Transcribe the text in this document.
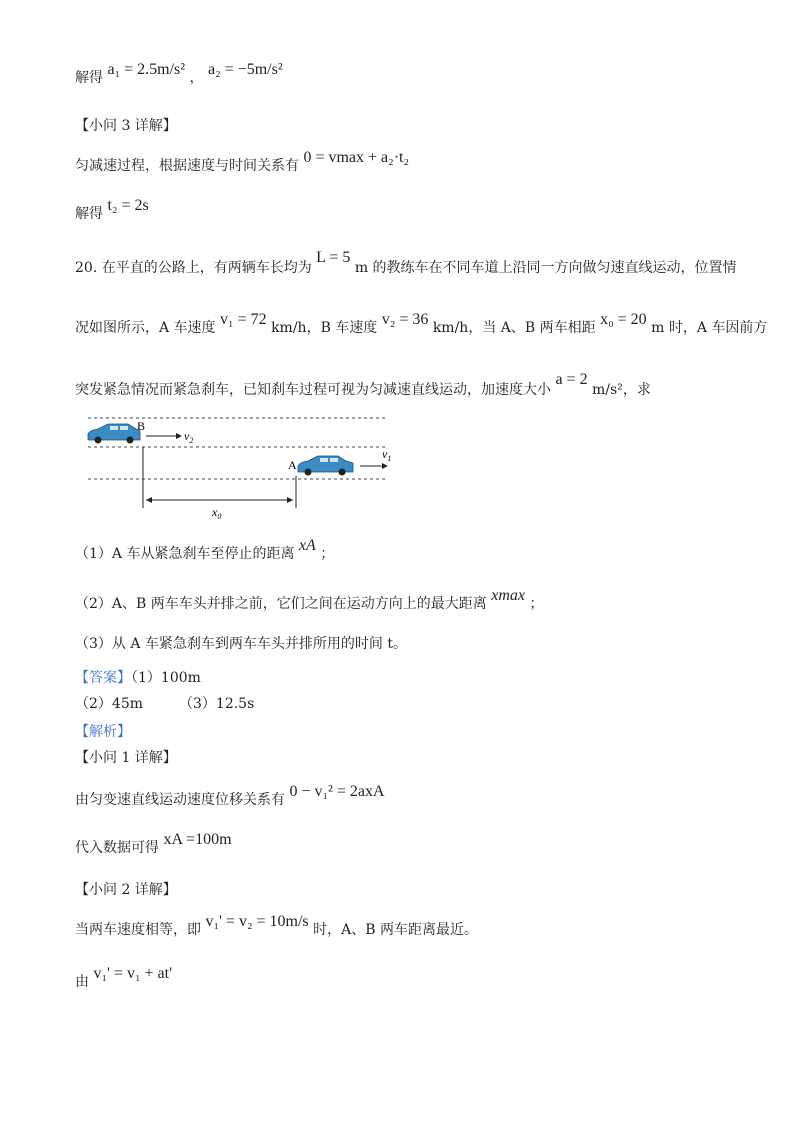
解得 a₁ = 2.5m/s² ， a₂ = −5m/s²
【小问 3 详解】
匀减速过程，根据速度与时间关系有 0 = vmax + a₂·t₂
解得 t₂ = 2s
20. 在平直的公路上，有两辆车长均为 L = 5 m 的教练车在不同车道上沿同一方向做匀速直线运动，位置情
况如图所示，A 车速度 v₁ = 72 km/h，B 车速度 v₂ = 36 km/h，当 A、B 两车相距 x₀ = 20 m 时，A 车因前方
突发紧急情况而紧急刹车，已知刹车过程可视为匀减速直线运动，加速度大小 a = 2 m/s²，求
B
$v_2$
A
$v_1$
$x_0$
（1）A 车从紧急刹车至停止的距离 xA ；
（2）A、B 两车车头并排之前，它们之间在运动方向上的最大距离 xmax ；
（3）从 A 车紧急刹车到两车车头并排所用的时间 t。
【答案】（1）100m
（2）45m	（3）12.5s
【解析】
【小问 1 详解】
由匀变速直线运动速度位移关系有 0 − v₁² = 2axA
代入数据可得 xA =100m
【小问 2 详解】
当两车速度相等，即 v₁' = v₂ = 10m/s 时，A、B 两车距离最近。
由 v₁' = v₁ + at'
